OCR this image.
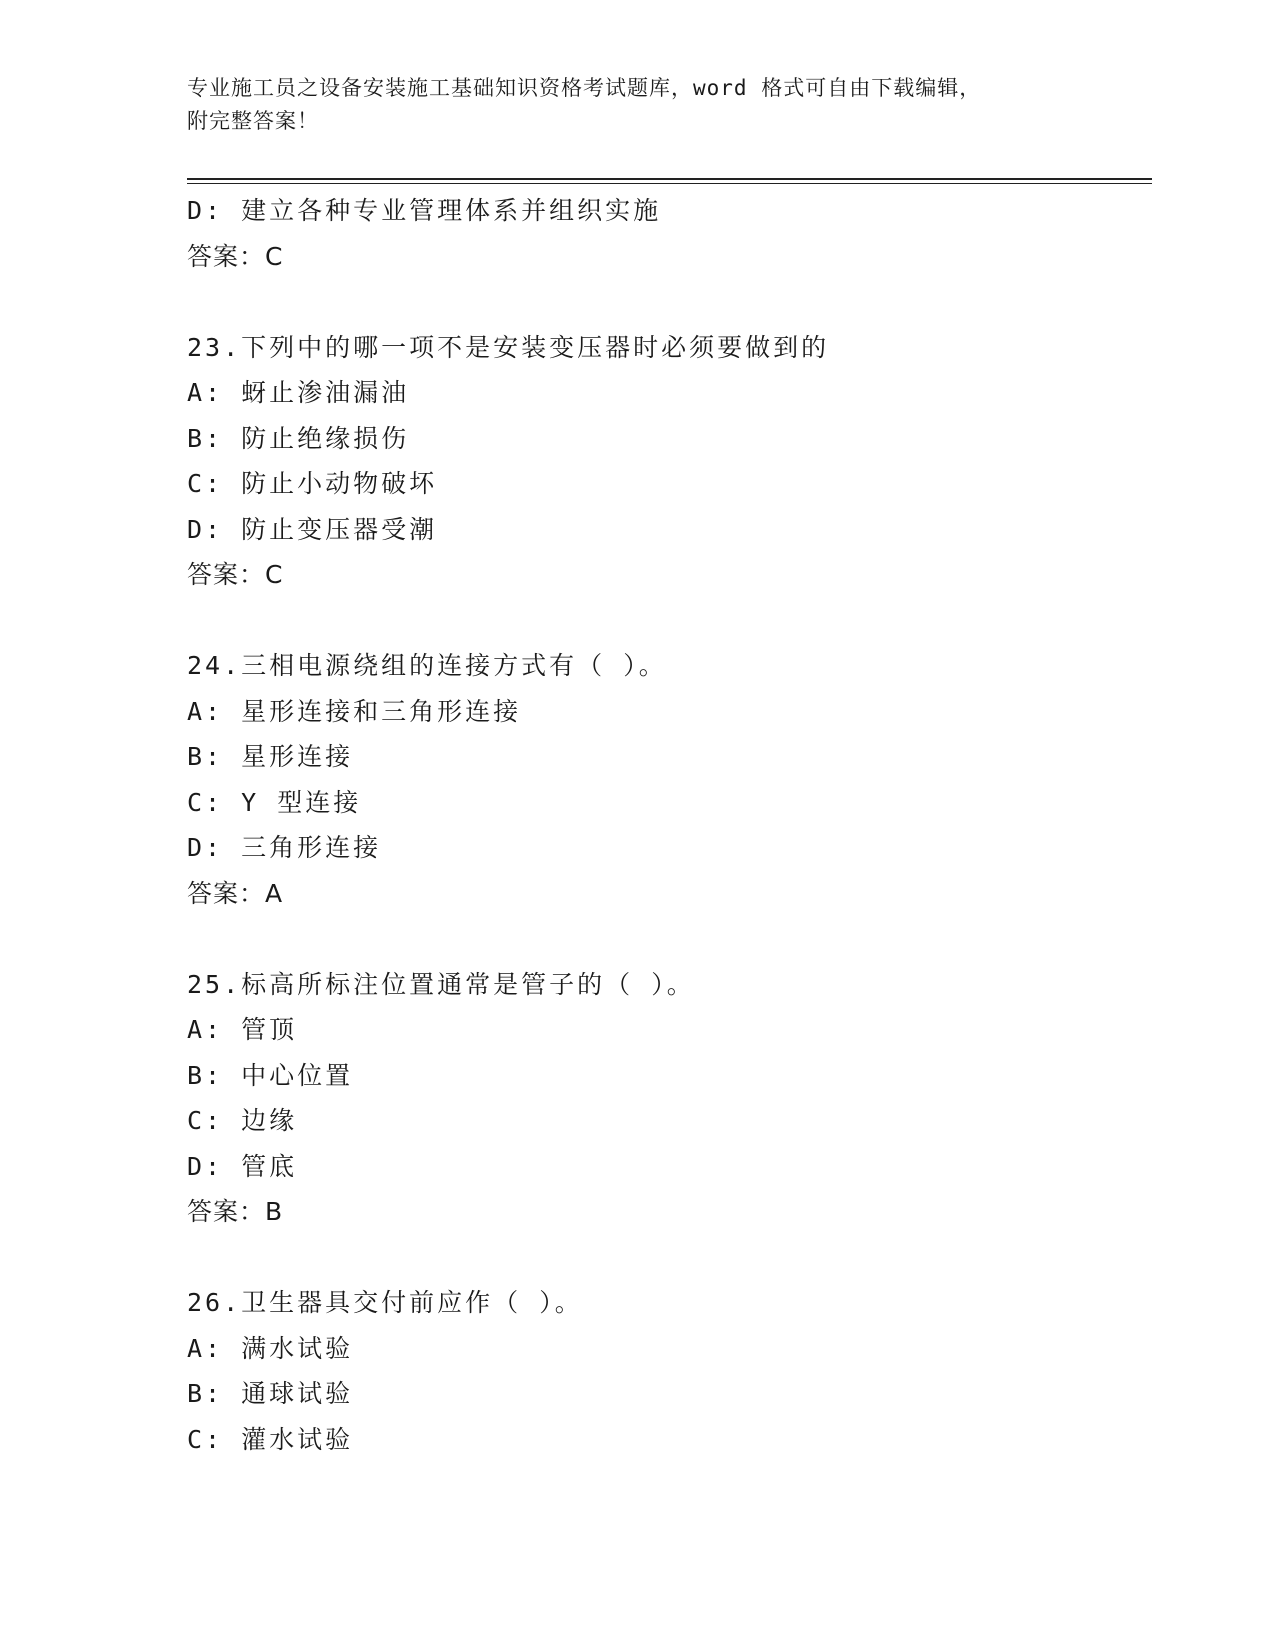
专业施工员之设备安装施工基础知识资格考试题库，word 格式可自由下载编辑，
附完整答案！
D: 建立各种专业管理体系并组织实施
答案：C
23.下列中的哪一项不是安装变压器时必须要做到的
A: 蚜止渗油漏油
B: 防止绝缘损伤
C: 防止小动物破坏
D: 防止变压器受潮
答案：C
24.三相电源绕组的连接方式有（ ）。
A: 星形连接和三角形连接
B: 星形连接
C: Y 型连接
D: 三角形连接
答案：A
25.标高所标注位置通常是管子的（ ）。
A: 管顶
B: 中心位置
C: 边缘
D: 管底
答案：B
26.卫生器具交付前应作（ ）。
A: 满水试验
B: 通球试验
C: 灌水试验
